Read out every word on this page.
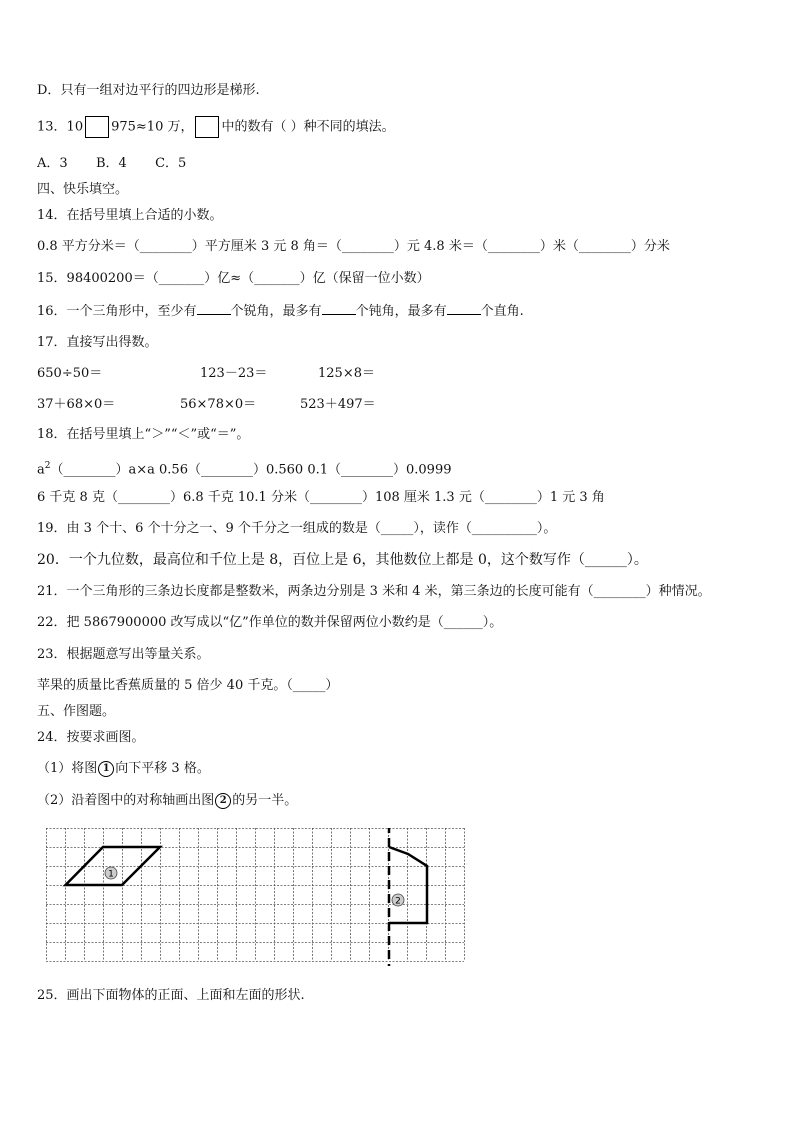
D．只有一组对边平行的四边形是梯形.
13．10 975≈10 万， 中的数有（ ）种不同的填法。
A．3 B．4 C．5
四、快乐填空。
14．在括号里填上合适的小数。
0.8 平方分米＝（________）平方厘米 3 元 8 角＝（________）元 4.8 米＝（________）米（________）分米
15．98400200＝（_______）亿≈（_______）亿（保留一位小数）
16．一个三角形中，至少有	个锐角，最多有	个钝角，最多有	个直角.
17．直接写出得数。
650÷50＝	123－23＝	125×8＝
37＋68×0＝	56×78×0＝	523＋497＝
18．在括号里填上“＞”“＜”或“＝”。
$a^2(\_\_\_\_\_\_\_\_)a\times a$ 0.56（________）0.560 0.1（________）0.0999
6 千克 8 克（________）6.8 千克 10.1 分米（________）108 厘米 1.3 元（________）1 元 3 角
19．由 3 个十、6 个十分之一、9 个千分之一组成的数是（_____），读作（__________）。
20．一个九位数，最高位和千位上是 8，百位上是 6，其他数位上都是 0，这个数写作（______）。
21．一个三角形的三条边长度都是整数米，两条边分别是 3 米和 4 米，第三条边的长度可能有（________）种情况。
22．把 5867900000 改写成以“亿”作单位的数并保留两位小数约是（______）。
23．根据题意写出等量关系。
苹果的质量比香蕉质量的 5 倍少 40 千克。（_____）
五、作图题。
24．按要求画图。
（1）将图 1 向下平移 3 格。
（2）沿着图中的对称轴画出图 2 的另一半。
1
2
25．画出下面物体的正面、上面和左面的形状.
